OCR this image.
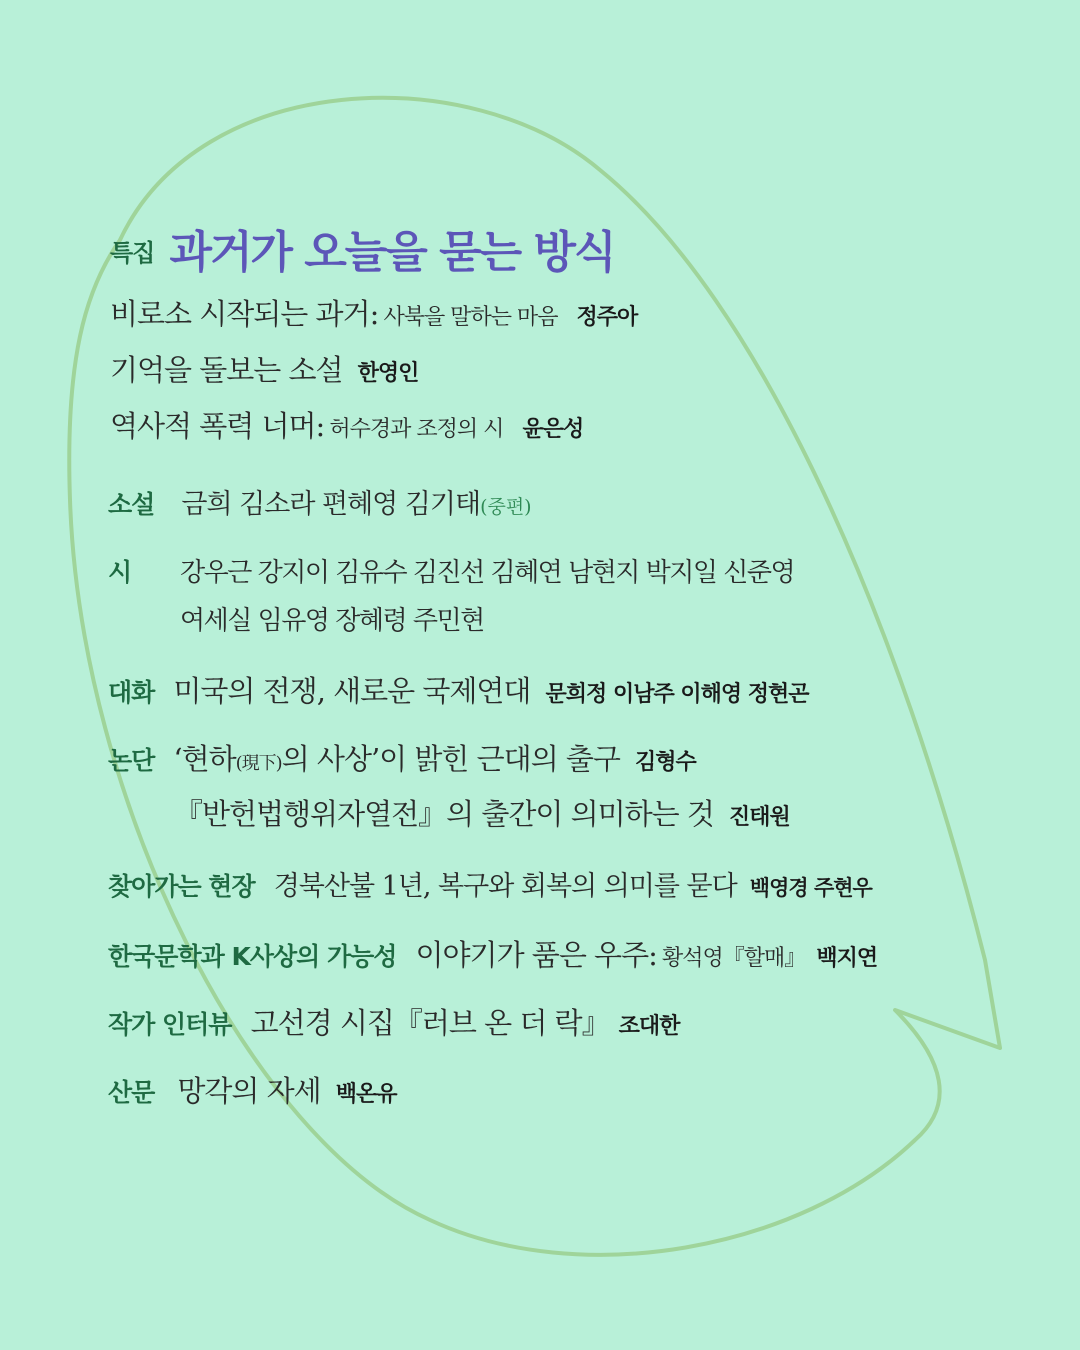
특집 과거가 오늘을 묻는 방식
비로소 시작되는 과거: 사북을 말하는 마음 정주아
기억을 돌보는 소설 한영인
역사적 폭력 너머: 허수경과 조정의 시 윤은성
소설 금희 김소라 편혜영 김기태(중편)
시 강우근 강지이 김유수 김진선 김혜연 남현지 박지일 신준영
여세실 임유영 장혜령 주민현
대화 미국의 전쟁, 새로운 국제연대 문희정 이남주 이해영 정현곤
논단 ‘현하(現下)의 사상’이 밝힌 근대의 출구 김형수
『반헌법행위자열전』의 출간이 의미하는 것 진태원
찾아가는 현장 경북산불 1년, 복구와 회복의 의미를 묻다 백영경 주현우
한국문학과 K사상의 가능성 이야기가 품은 우주: 황석영『할매』 백지연
작가 인터뷰 고선경 시집『러브 온 더 락』 조대한
산문 망각의 자세 백온유
